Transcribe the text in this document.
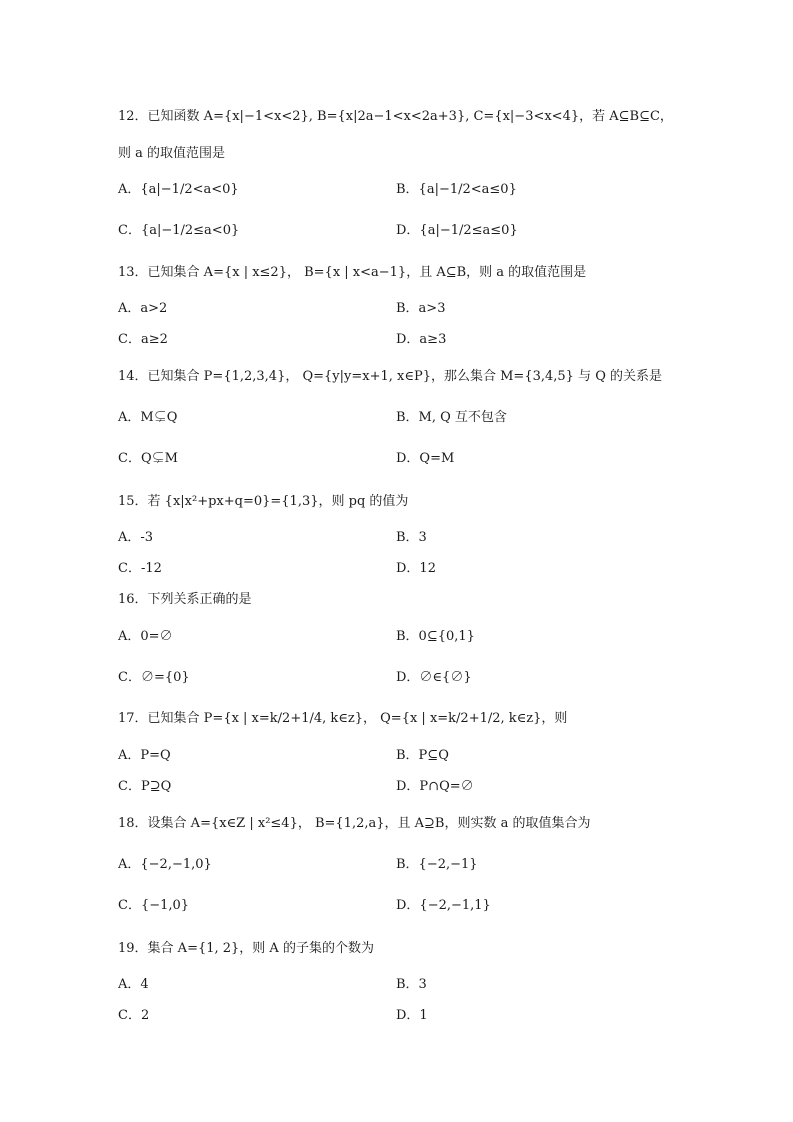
12．已知函数 A={x|−1<x<2}, B={x|2a−1<x<2a+3}, C={x|−3<x<4}，若 A⊆B⊆C，
则 a 的取值范围是
A．{a|−1/2<a<0}	B．{a|−1/2<a≤0}
C．{a|−1/2≤a<0}	D．{a|−1/2≤a≤0}
13．已知集合 A={x | x≤2}， B={x | x<a−1}，且 A⊆B，则 a 的取值范围是
A．a>2	B．a>3
C．a≥2	D．a≥3
14．已知集合 P={1,2,3,4}， Q={y|y=x+1, x∈P}，那么集合 M={3,4,5} 与 Q 的关系是
A．M⊊Q	B．M, Q 互不包含
C．Q⊊M	D．Q=M
15．若 {x|x²+px+q=0}={1,3}，则 pq 的值为
A．-3	B．3
C．-12	D．12
16．下列关系正确的是
A．0=∅	B．0⊆{0,1}
C．∅={0}	D．∅∈{∅}
17．已知集合 P={x | x=k/2+1/4, k∈z}， Q={x | x=k/2+1/2, k∈z}，则
A．P=Q	B．P⊆Q
C．P⊇Q	D．P∩Q=∅
18．设集合 A={x∈Z | x²≤4}， B={1,2,a}，且 A⊇B，则实数 a 的取值集合为
A．{−2,−1,0}	B．{−2,−1}
C．{−1,0}	D．{−2,−1,1}
19．集合 A={1, 2}，则 A 的子集的个数为
A．4	B．3
C．2	D．1
